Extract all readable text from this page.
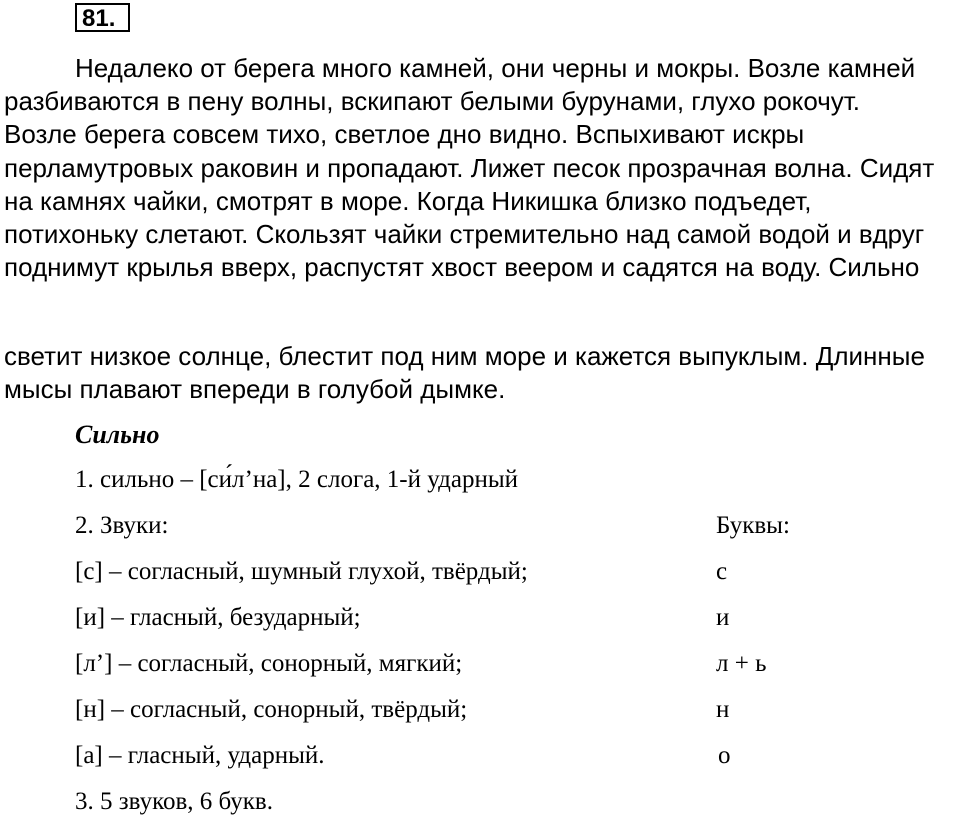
81.
Недалеко от берега много камней, они черны и мокры. Возле камней
разбиваются в пену волны, вскипают белыми бурунами, глухо рокочут.
Возле берега совсем тихо, светлое дно видно. Вспыхивают искры
перламутровых раковин и пропадают. Лижет песок прозрачная волна. Сидят
на камнях чайки, смотрят в море. Когда Никишка близко подъедет,
потихоньку слетают. Скользят чайки стремительно над самой водой и вдруг
поднимут крылья вверх, распустят хвост веером и садятся на воду. Сильно
светит низкое солнце, блестит под ним море и кажется выпуклым. Длинные
мысы плавают впереди в голубой дымке.
Сильно
1. сильно – [си́л’на], 2 слога, 1-й ударный
2. Звуки:	Буквы:
[с] – согласный, шумный глухой, твёрдый;	с
[и] – гласный, безударный;	и
[л’] – согласный, сонорный, мягкий;	л + ь
[н] – согласный, сонорный, твёрдый;	н
[а] – гласный, ударный.	о
3. 5 звуков, 6 букв.
